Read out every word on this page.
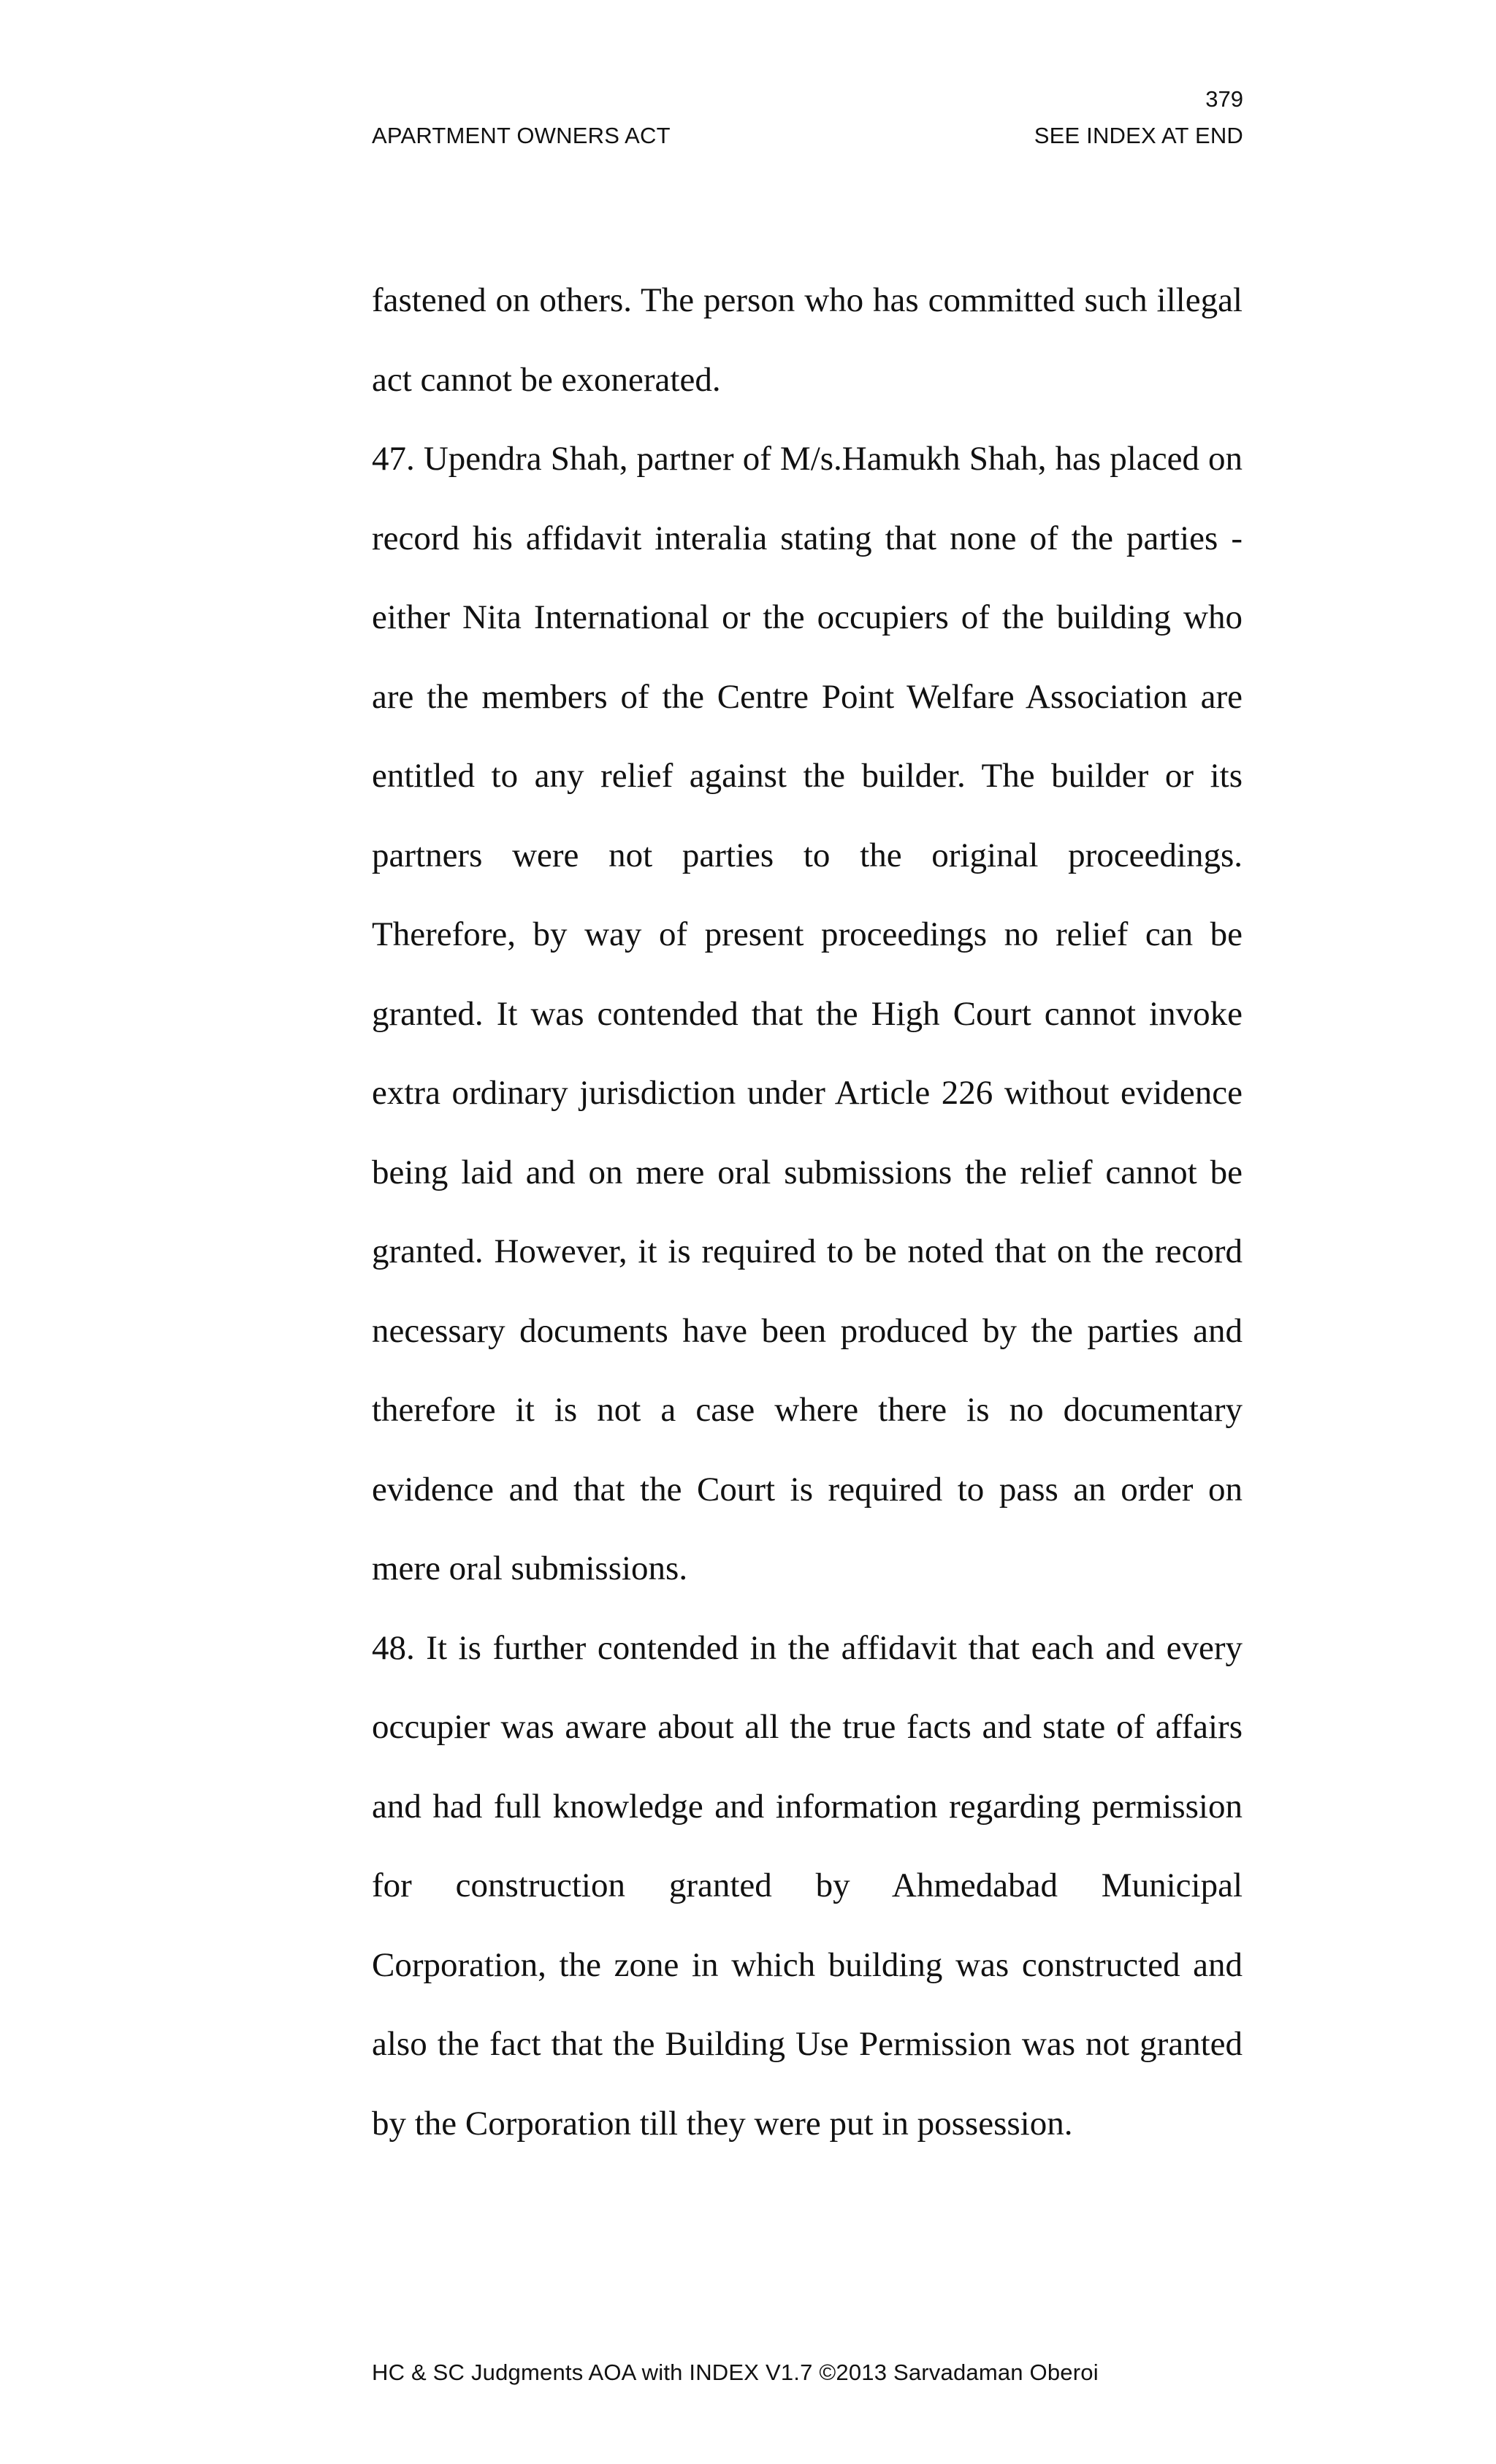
379
APARTMENT OWNERS ACT	SEE INDEX AT END

fastened on others. The person who has committed such illegal act cannot be exonerated.

47. Upendra Shah, partner of M/s.Hamukh Shah, has placed on record his affidavit interalia stating that none of the parties - either Nita International or the occupiers of the building who are the members of the Centre Point Welfare Association are entitled to any relief against the builder. The builder or its partners were not parties to the original proceedings. Therefore, by way of present proceedings no relief can be granted. It was contended that the High Court cannot invoke extra ordinary jurisdiction under Article 226 without evidence being laid and on mere oral submissions the relief cannot be granted. However, it is required to be noted that on the record necessary documents have been produced by the parties and therefore it is not a case where there is no documentary evidence and that the Court is required to pass an order on mere oral submissions.

48. It is further contended in the affidavit that each and every occupier was aware about all the true facts and state of affairs and had full knowledge and information regarding permission for construction granted by Ahmedabad Municipal Corporation, the zone in which building was constructed and also the fact that the Building Use Permission was not granted by the Corporation till they were put in possession.

HC & SC Judgments AOA with INDEX V1.7 ©2013 Sarvadaman Oberoi
